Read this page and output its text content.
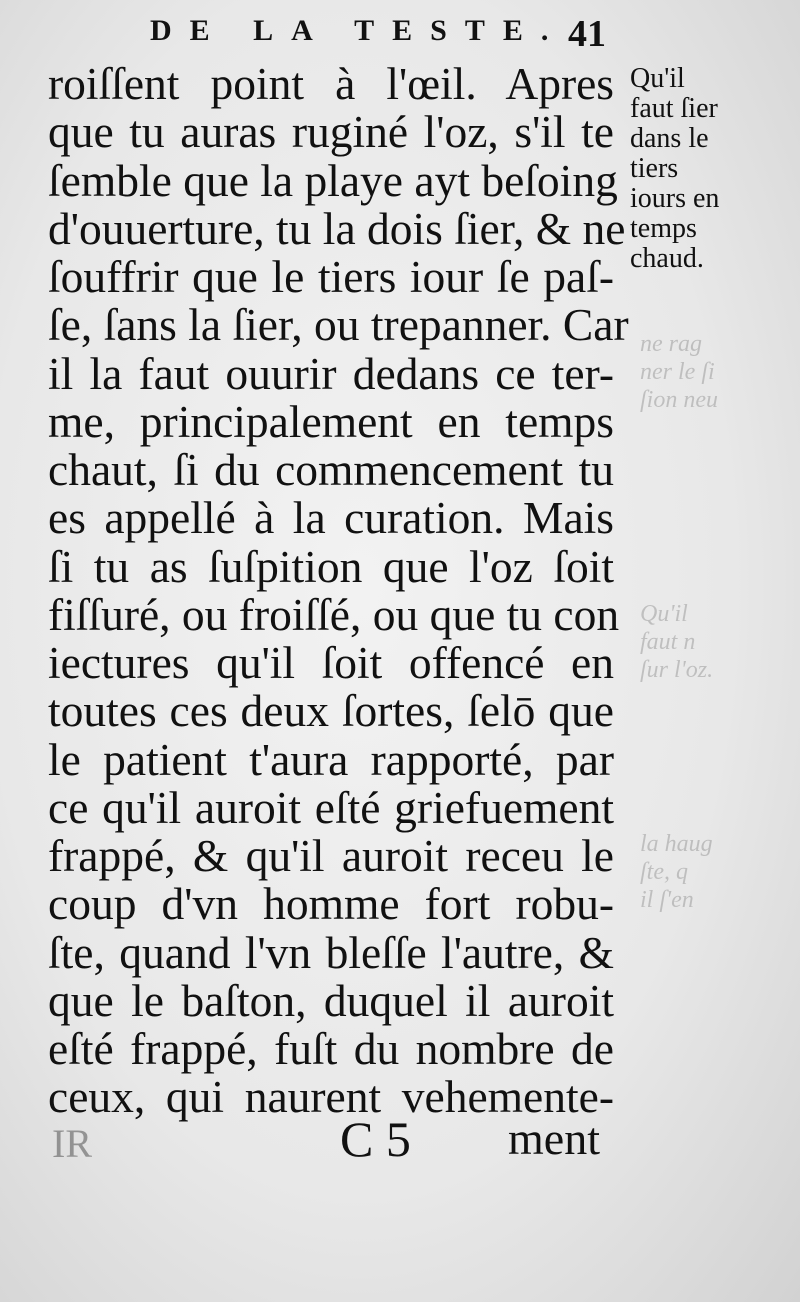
ne rag
ner le ſi
ſion neu
Qu'il
faut n
ſur l'oz.
la haug
ſte, q
il ſ'en
DE LA TESTE. 41
roiſſent point à l'œil. Apres
que tu auras ruginé l'oz, s'il te
ſemble que la playe ayt beſoing
d'ouuerture, tu la dois ſier, & ne
ſouffrir que le tiers iour ſe paſ-
ſe, ſans la ſier, ou trepanner. Car
il la faut ouurir dedans ce ter-
me, principalement en temps
chaut, ſi du commencement tu
es appellé à la curation. Mais
ſi tu as ſuſpition que l'oz ſoit
fiſſuré, ou froiſſé, ou que tu con
iectures qu'il ſoit offencé en
toutes ces deux ſortes, ſelō que
le patient t'aura rapporté, par
ce qu'il auroit eſté griefuement
frappé, & qu'il auroit receu le
coup d'vn homme fort robu-
ſte, quand l'vn bleſſe l'autre, &
que le baſton, duquel il auroit
eſté frappé, fuſt du nombre de
ceux, qui naurent vehemente-
Qu'il
faut ſier
dans le
tiers
iours en
temps
chaud.
IR	C 5 ment
